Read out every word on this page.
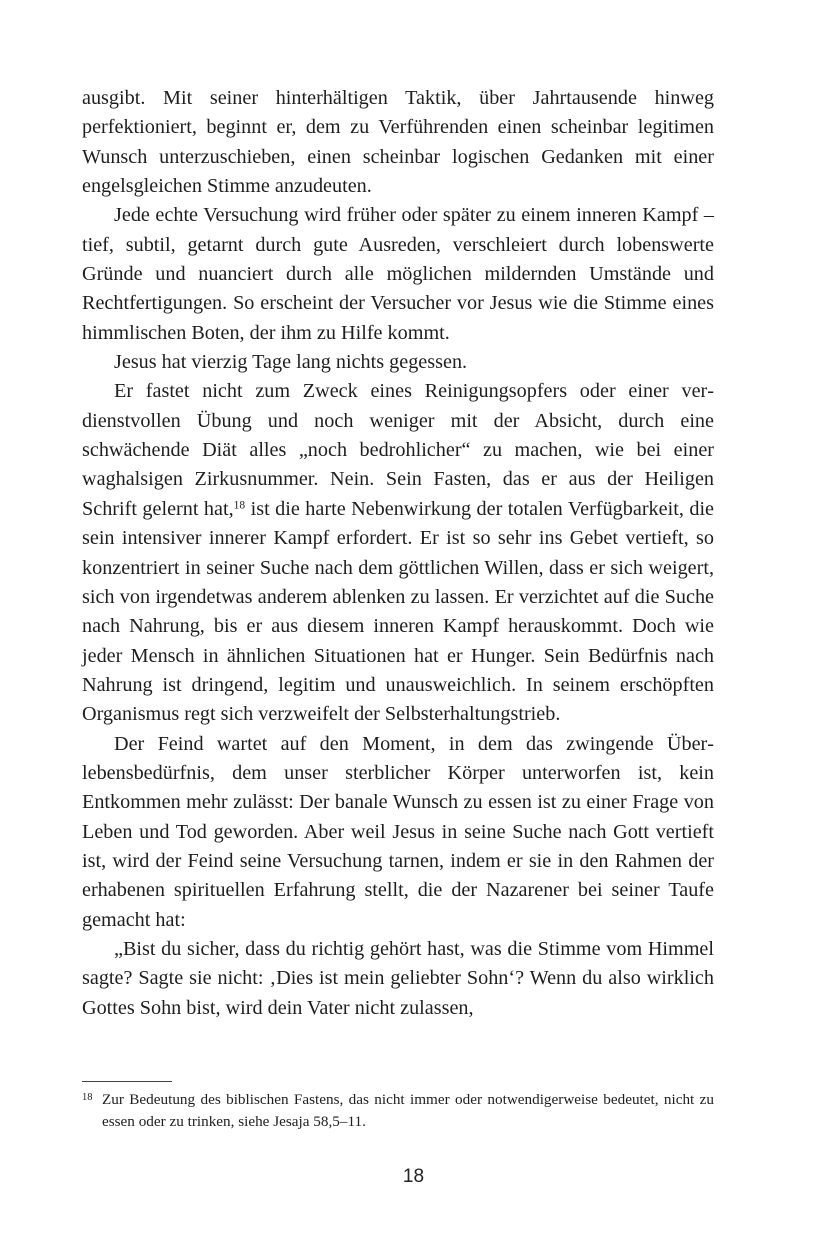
ausgibt. Mit seiner hinterhältigen Taktik, über Jahrtausende hinweg perfektioniert, beginnt er, dem zu Verführenden einen scheinbar legitimen Wunsch unterzuschieben, einen scheinbar logischen Gedanken mit einer engelsgleichen Stimme anzudeuten.

Jede echte Versuchung wird früher oder später zu einem inneren Kampf – tief, subtil, getarnt durch gute Ausreden, verschleiert durch lobenswerte Gründe und nuanciert durch alle möglichen mildernden Umstände und Rechtfertigungen. So erscheint der Versucher vor Jesus wie die Stimme eines himmlischen Boten, der ihm zu Hilfe kommt.

Jesus hat vierzig Tage lang nichts gegessen.

Er fastet nicht zum Zweck eines Reinigungsopfers oder einer verdienstvollen Übung und noch weniger mit der Absicht, durch eine schwächende Diät alles „noch bedrohlicher“ zu machen, wie bei einer waghalsigen Zirkusnummer. Nein. Sein Fasten, das er aus der Heiligen Schrift gelernt hat,$^{18}$ ist die harte Nebenwirkung der totalen Verfügbarkeit, die sein intensiver innerer Kampf erfordert. Er ist so sehr ins Gebet vertieft, so konzentriert in seiner Suche nach dem göttlichen Willen, dass er sich weigert, sich von irgendetwas anderem ablenken zu lassen. Er verzichtet auf die Suche nach Nahrung, bis er aus diesem inneren Kampf herauskommt. Doch wie jeder Mensch in ähnlichen Situationen hat er Hunger. Sein Bedürfnis nach Nahrung ist dringend, legitim und unausweichlich. In seinem erschöpften Organismus regt sich verzweifelt der Selbsterhaltungstrieb.

Der Feind wartet auf den Moment, in dem das zwingende Überlebensbedürfnis, dem unser sterblicher Körper unterworfen ist, kein Entkommen mehr zulässt: Der banale Wunsch zu essen ist zu einer Frage von Leben und Tod geworden. Aber weil Jesus in seine Suche nach Gott vertieft ist, wird der Feind seine Versuchung tarnen, indem er sie in den Rahmen der erhabenen spirituellen Erfahrung stellt, die der Nazarener bei seiner Taufe gemacht hat:

„Bist du sicher, dass du richtig gehört hast, was die Stimme vom Himmel sagte? Sagte sie nicht: ‚Dies ist mein geliebter Sohn‘? Wenn du also wirklich Gottes Sohn bist, wird dein Vater nicht zulassen,

18 Zur Bedeutung des biblischen Fastens, das nicht immer oder notwendigerweise bedeutet, nicht zu essen oder zu trinken, siehe Jesaja 58,5–11.
18
